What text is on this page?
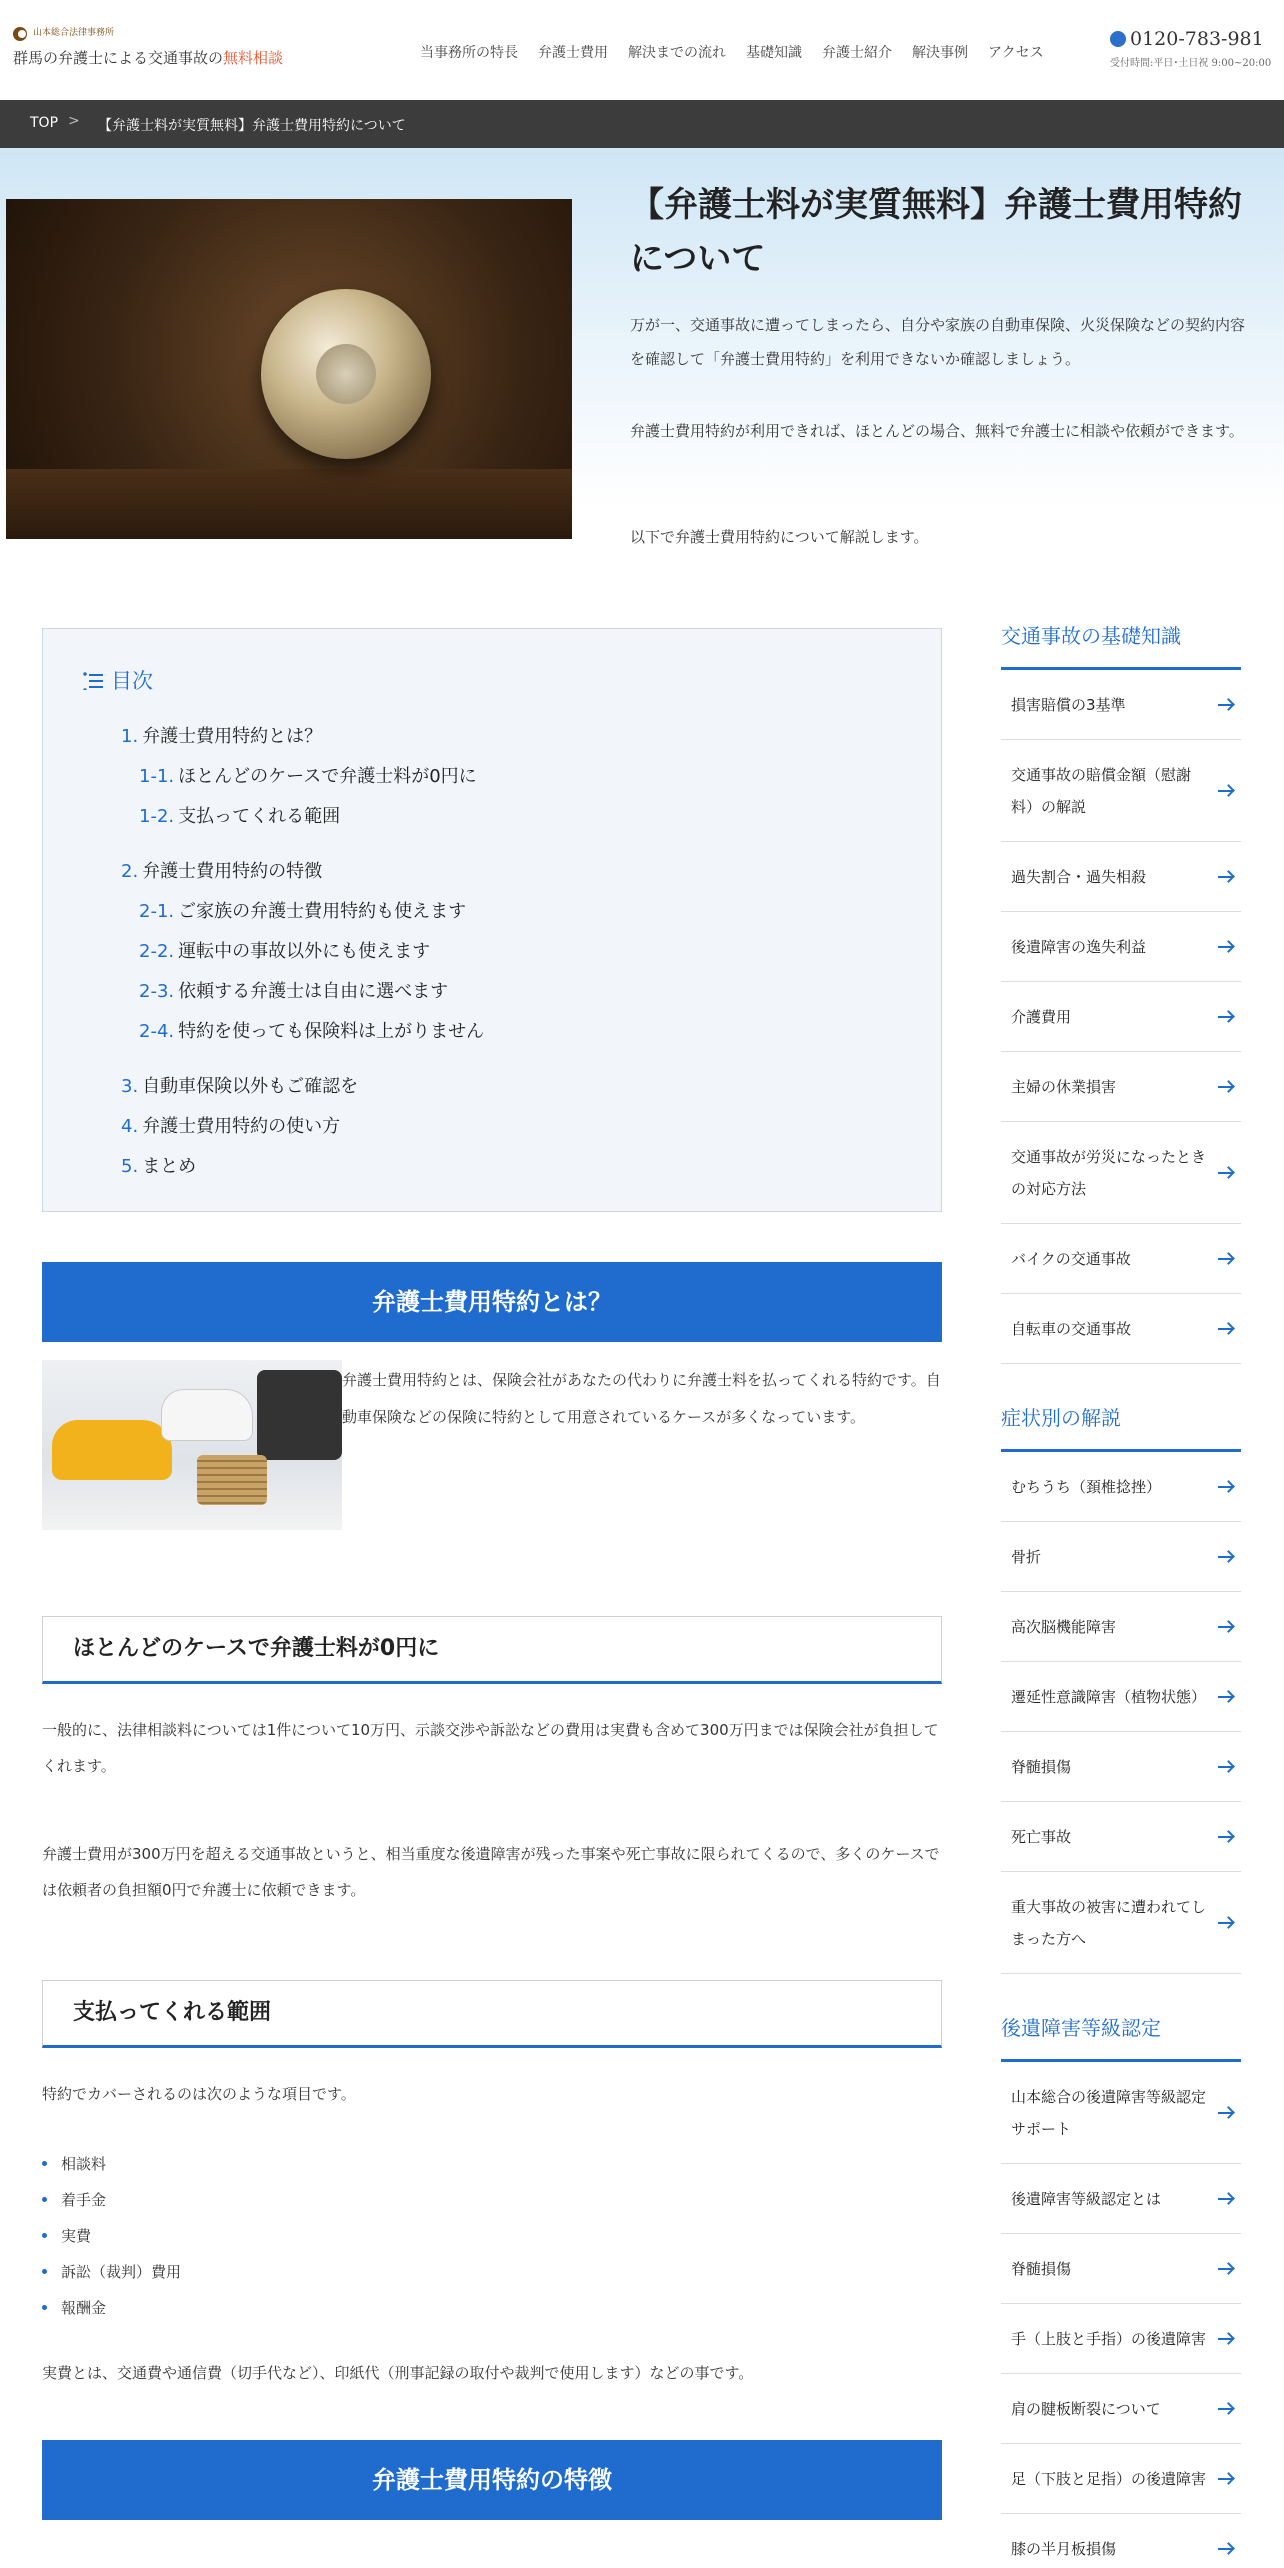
山本総合法律事務所
群馬の弁護士による交通事故の無料相談	当事務所の特長	弁護士費用	解決までの流れ	基礎知識	弁護士紹介	解決事例	アクセス
0120-783-981
受付時間:平日･土日祝 9:00~20:00
TOP > 【弁護士料が実質無料】弁護士費用特約について
【弁護士料が実質無料】弁護士費用特約について

万が一、交通事故に遭ってしまったら、自分や家族の自動車保険、火災保険などの契約内容を確認して「弁護士費用特約」を利用できないか確認しましょう。

弁護士費用特約が利用できれば、ほとんどの場合、無料で弁護士に相談や依頼ができます。

以下で弁護士費用特約について解説します。

目次
1. 弁護士費用特約とは？
1-1. ほとんどのケースで弁護士料が0円に
1-2. 支払ってくれる範囲
2. 弁護士費用特約の特徴
2-1. ご家族の弁護士費用特約も使えます
2-2. 運転中の事故以外にも使えます
2-3. 依頼する弁護士は自由に選べます
2-4. 特約を使っても保険料は上がりません
3. 自動車保険以外もご確認を
4. 弁護士費用特約の使い方
5. まとめ
弁護士費用特約とは？

弁護士費用特約とは、保険会社があなたの代わりに弁護士料を払ってくれる特約です。自動車保険などの保険に特約として用意されているケースが多くなっています。

ほとんどのケースで弁護士料が0円に

一般的に、法律相談料については1件について10万円、示談交渉や訴訟などの費用は実費も含めて300万円までは保険会社が負担してくれます。

弁護士費用が300万円を超える交通事故というと、相当重度な後遺障害が残った事案や死亡事故に限られてくるので、多くのケースでは依頼者の負担額0円で弁護士に依頼できます。

支払ってくれる範囲

特約でカバーされるのは次のような項目です。

相談料
着手金
実費
訴訟（裁判）費用
報酬金

実費とは、交通費や通信費（切手代など）、印紙代（刑事記録の取付や裁判で使用します）などの事です。

弁護士費用特約の特徴
交通事故の基礎知識
損害賠償の3基準
交通事故の賠償金額（慰謝料）の解説
過失割合・過失相殺
後遺障害の逸失利益
介護費用
主婦の休業損害
交通事故が労災になったときの対応方法
バイクの交通事故
自転車の交通事故
症状別の解説
むちうち（頚椎捻挫）
骨折
高次脳機能障害
遷延性意識障害（植物状態）
脊髄損傷
死亡事故
重大事故の被害に遭われてしまった方へ
後遺障害等級認定
山本総合の後遺障害等級認定サポート
後遺障害等級認定とは
脊髄損傷
手（上肢と手指）の後遺障害
肩の腱板断裂について
足（下肢と足指）の後遺障害
膝の半月板損傷
